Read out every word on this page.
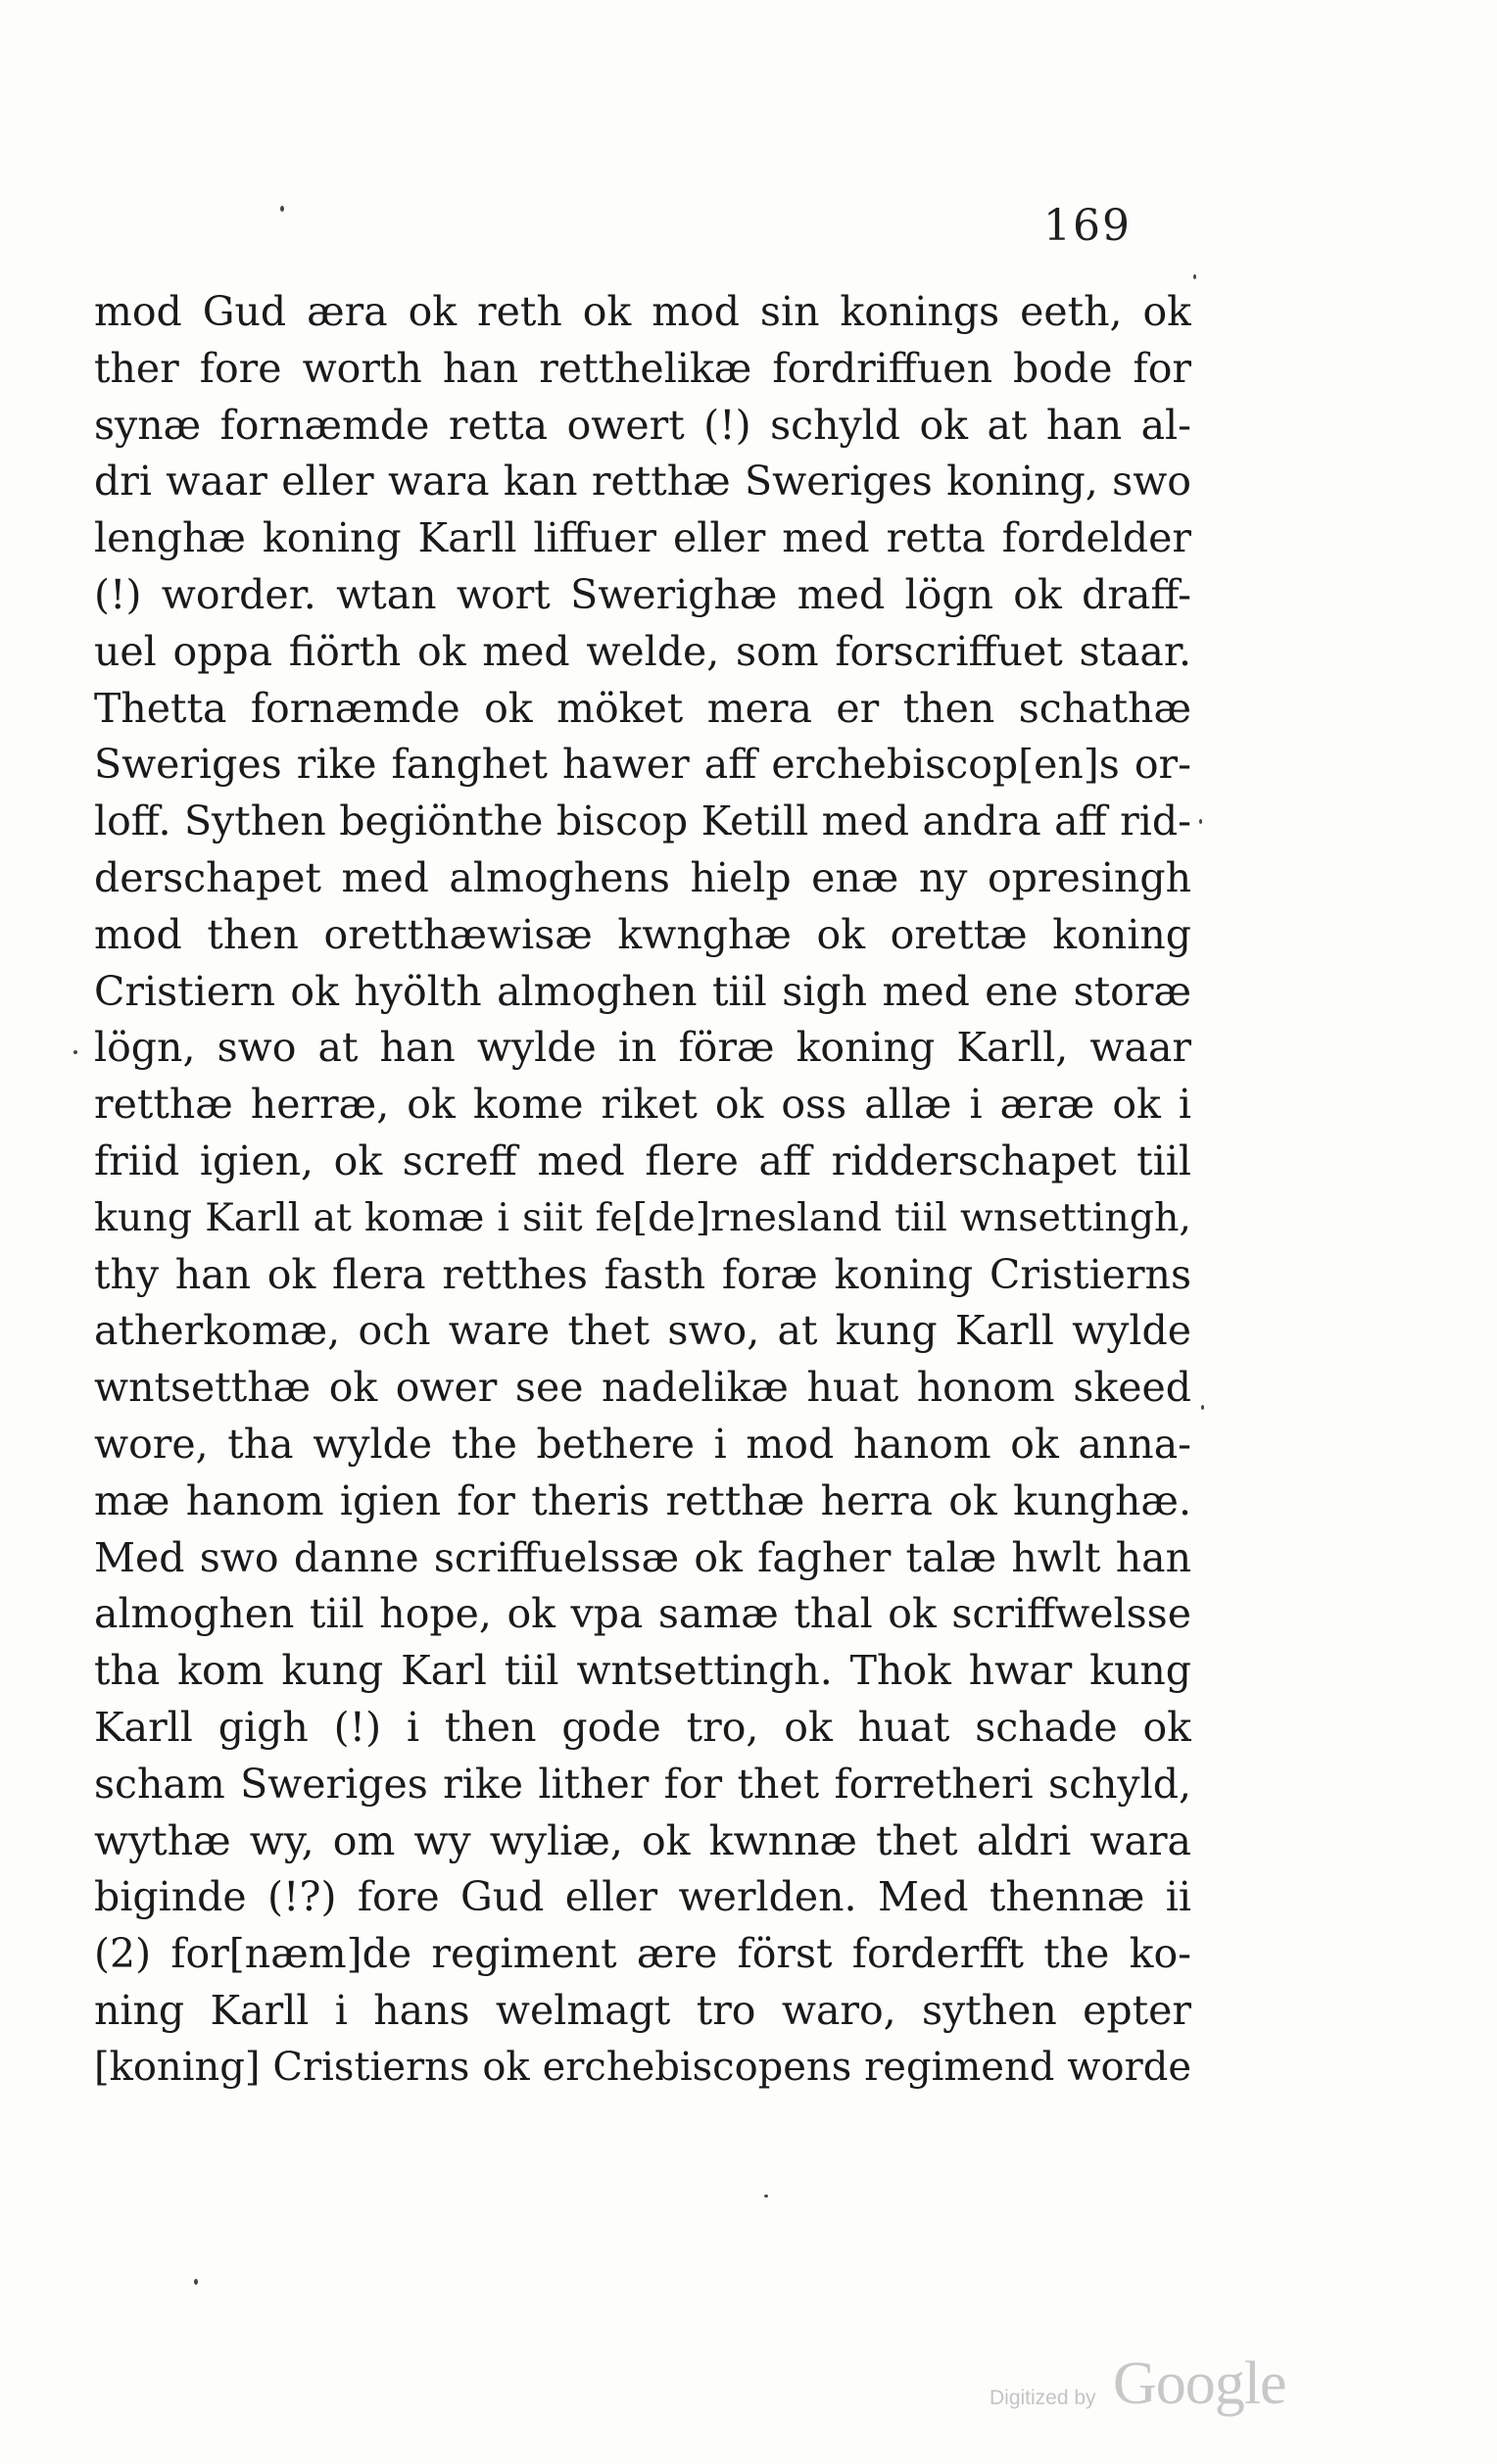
169
mod Gud æra ok reth ok mod sin konings eeth, ok
ther fore worth han retthelikæ fordriffuen bode for
synæ fornæmde retta owert (!) schyld ok at han al-
dri waar eller wara kan retthæ Sweriges koning, swo
lenghæ koning Karll liffuer eller med retta fordelder
(!) worder. wtan wort Swerighæ med lögn ok draff-
uel oppa fiörth ok med welde, som forscriffuet staar.
Thetta fornæmde ok möket mera er then schathæ
Sweriges rike fanghet hawer aff erchebiscop[en]s or-
loff. Sythen begiönthe biscop Ketill med andra aff rid-
derschapet med almoghens hielp enæ ny opresingh
mod then oretthæwisæ kwnghæ ok orettæ koning
Cristiern ok hyölth almoghen tiil sigh med ene storæ
lögn, swo at han wylde in föræ koning Karll, waar
retthæ herræ, ok kome riket ok oss allæ i æræ ok i
friid igien, ok screff med flere aff ridderschapet tiil
kung Karll at komæ i siit fe[de]rnesland tiil wnsettingh,
thy han ok flera retthes fasth foræ koning Cristierns
atherkomæ, och ware thet swo, at kung Karll wylde
wntsetthæ ok ower see nadelikæ huat honom skeed
wore, tha wylde the bethere i mod hanom ok anna-
mæ hanom igien for theris retthæ herra ok kunghæ.
Med swo danne scriffuelssæ ok fagher talæ hwlt han
almoghen tiil hope, ok vpa samæ thal ok scriffwelsse
tha kom kung Karl tiil wntsettingh. Thok hwar kung
Karll gigh (!) i then gode tro, ok huat schade ok
scham Sweriges rike lither for thet forretheri schyld,
wythæ wy, om wy wyliæ, ok kwnnæ thet aldri wara
biginde (!?) fore Gud eller werlden. Med thennæ ii
(2) for[næm]de regiment ære först forderfft the ko-
ning Karll i hans welmagt tro waro, sythen epter
[koning] Cristierns ok erchebiscopens regimend worde
Digitized by Google
